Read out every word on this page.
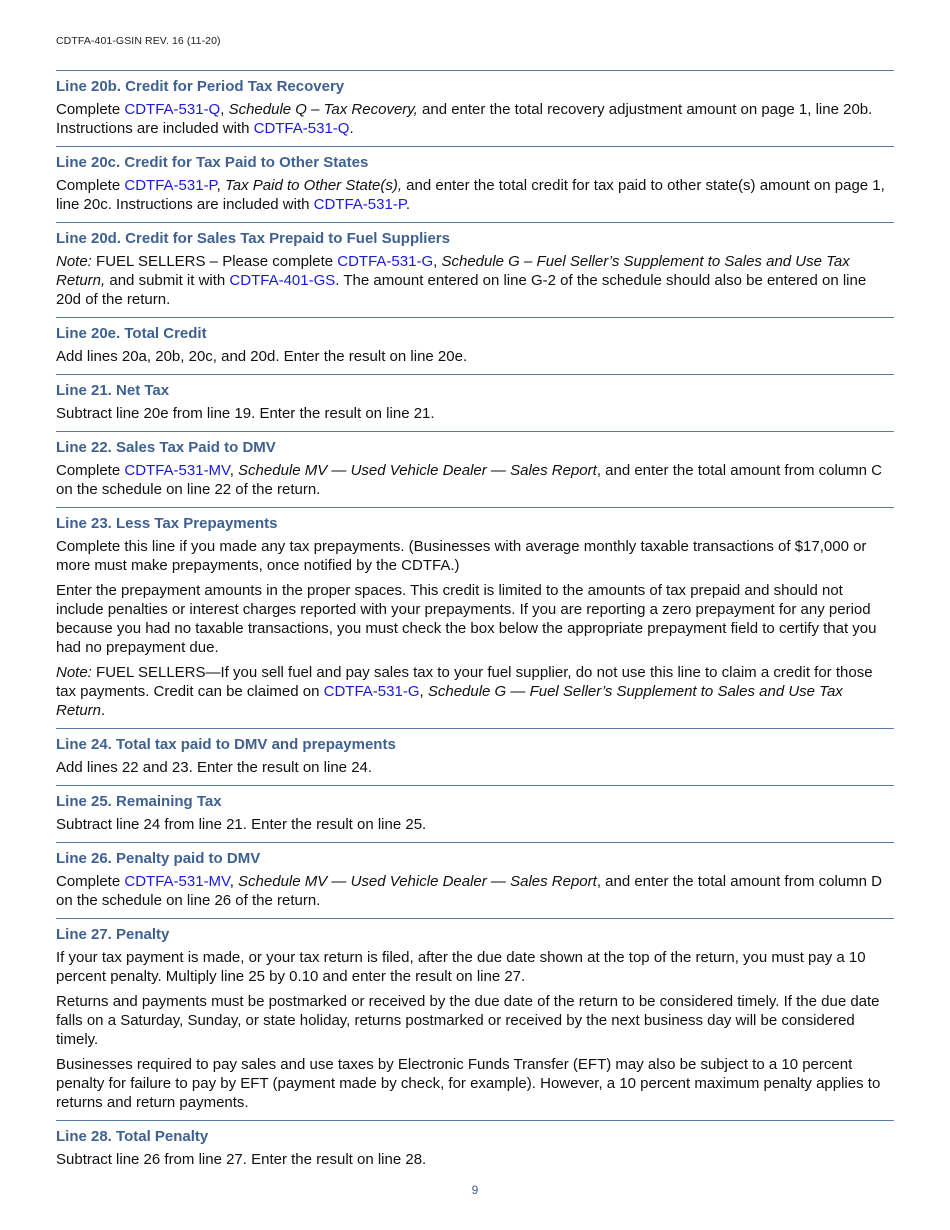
CDTFA-401-GSIN REV. 16 (11-20)
Line 20b. Credit for Period Tax Recovery

Complete CDTFA-531-Q, Schedule Q – Tax Recovery, and enter the total recovery adjustment amount on page 1, line 20b. Instructions are included with CDTFA-531-Q.

Line 20c. Credit for Tax Paid to Other States

Complete CDTFA-531-P, Tax Paid to Other State(s), and enter the total credit for tax paid to other state(s) amount on page 1, line 20c. Instructions are included with CDTFA-531-P.

Line 20d. Credit for Sales Tax Prepaid to Fuel Suppliers

Note: FUEL SELLERS – Please complete CDTFA-531-G, Schedule G – Fuel Seller’s Supplement to Sales and Use Tax Return, and submit it with CDTFA-401-GS. The amount entered on line G-2 of the schedule should also be entered on line 20d of the return.

Line 20e. Total Credit

Add lines 20a, 20b, 20c, and 20d. Enter the result on line 20e.

Line 21. Net Tax

Subtract line 20e from line 19. Enter the result on line 21.

Line 22. Sales Tax Paid to DMV

Complete CDTFA-531-MV, Schedule MV — Used Vehicle Dealer — Sales Report, and enter the total amount from column C on the schedule on line 22 of the return.

Line 23. Less Tax Prepayments

Complete this line if you made any tax prepayments. (Businesses with average monthly taxable transactions of $17,000 or more must make prepayments, once notified by the CDTFA.)

Enter the prepayment amounts in the proper spaces. This credit is limited to the amounts of tax prepaid and should not include penalties or interest charges reported with your prepayments. If you are reporting a zero prepayment for any period because you had no taxable transactions, you must check the box below the appropriate prepayment field to certify that you had no prepayment due.

Note: FUEL SELLERS—If you sell fuel and pay sales tax to your fuel supplier, do not use this line to claim a credit for those tax payments. Credit can be claimed on CDTFA-531-G, Schedule G — Fuel Seller’s Supplement to Sales and Use Tax Return.

Line 24. Total tax paid to DMV and prepayments

Add lines 22 and 23. Enter the result on line 24.

Line 25. Remaining Tax

Subtract line 24 from line 21. Enter the result on line 25.

Line 26. Penalty paid to DMV

Complete CDTFA-531-MV, Schedule MV — Used Vehicle Dealer — Sales Report, and enter the total amount from column D on the schedule on line 26 of the return.

Line 27. Penalty

If your tax payment is made, or your tax return is filed, after the due date shown at the top of the return, you must pay a 10 percent penalty. Multiply line 25 by 0.10 and enter the result on line 27.

Returns and payments must be postmarked or received by the due date of the return to be considered timely. If the due date falls on a Saturday, Sunday, or state holiday, returns postmarked or received by the next business day will be considered timely.

Businesses required to pay sales and use taxes by Electronic Funds Transfer (EFT) may also be subject to a 10 percent penalty for failure to pay by EFT (payment made by check, for example). However, a 10 percent maximum penalty applies to returns and return payments.

Line 28. Total Penalty

Subtract line 26 from line 27. Enter the result on line 28.

9
